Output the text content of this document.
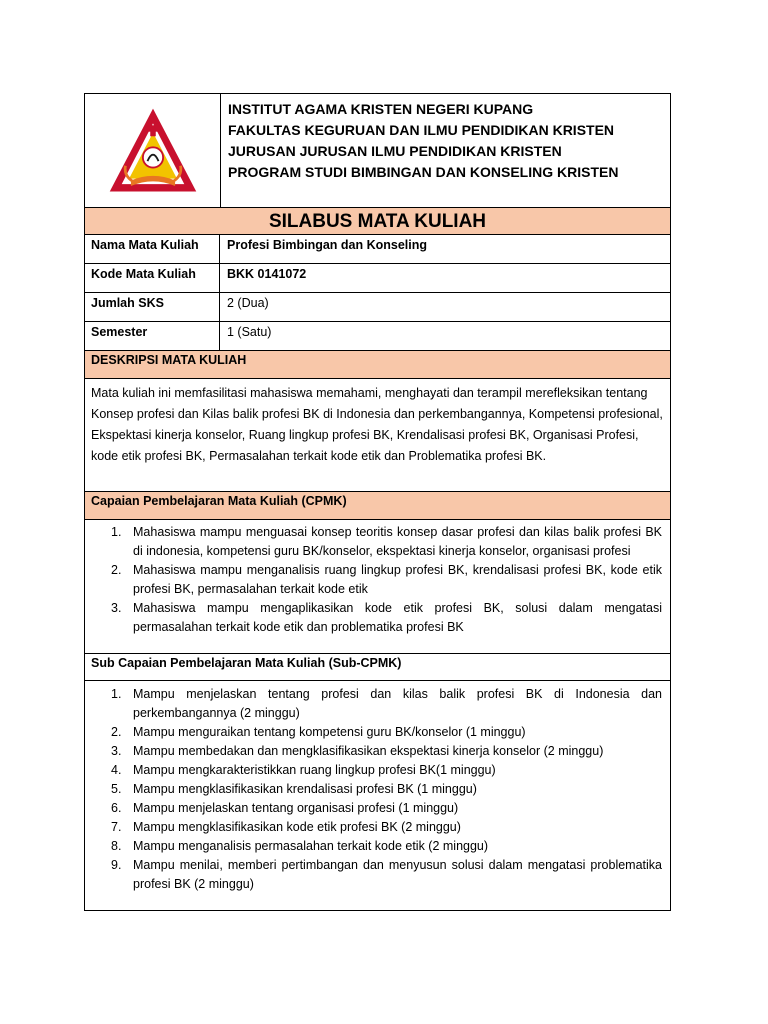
INSTITUT AGAMA KRISTEN NEGERI KUPANG
FAKULTAS KEGURUAN DAN ILMU PENDIDIKAN KRISTEN
JURUSAN JURUSAN ILMU PENDIDIKAN KRISTEN
PROGRAM STUDI BIMBINGAN DAN KONSELING KRISTEN
SILABUS MATA KULIAH
Nama Mata Kuliah	Profesi Bimbingan dan Konseling
Kode Mata Kuliah	BKK 0141072
Jumlah SKS	2 (Dua)
Semester	1 (Satu)
DESKRIPSI MATA KULIAH
Mata kuliah ini memfasilitasi mahasiswa memahami, menghayati dan terampil merefleksikan tentang Konsep profesi dan Kilas balik profesi BK di Indonesia dan perkembangannya, Kompetensi profesional, Ekspektasi kinerja konselor, Ruang lingkup profesi BK, Krendalisasi profesi BK, Organisasi Profesi, kode etik profesi BK, Permasalahan terkait kode etik dan Problematika profesi BK.
Capaian Pembelajaran Mata Kuliah (CPMK)
1. Mahasiswa mampu menguasai konsep teoritis konsep dasar profesi dan kilas balik profesi BK di indonesia, kompetensi guru BK/konselor, ekspektasi kinerja konselor, organisasi profesi
2. Mahasiswa mampu menganalisis ruang lingkup profesi BK, krendalisasi profesi BK, kode etik profesi BK, permasalahan terkait kode etik
3. Mahasiswa mampu mengaplikasikan kode etik profesi BK, solusi dalam mengatasi permasalahan terkait kode etik dan problematika profesi BK
Sub Capaian Pembelajaran Mata Kuliah (Sub-CPMK)
1. Mampu menjelaskan tentang profesi dan kilas balik profesi BK di Indonesia dan perkembangannya (2 minggu)
2. Mampu menguraikan tentang kompetensi guru BK/konselor (1 minggu)
3. Mampu membedakan dan mengklasifikasikan ekspektasi kinerja konselor (2 minggu)
4. Mampu mengkarakteristikkan ruang lingkup profesi BK(1 minggu)
5. Mampu mengklasifikasikan krendalisasi profesi BK (1 minggu)
6. Mampu menjelaskan tentang organisasi profesi (1 minggu)
7. Mampu mengklasifikasikan kode etik profesi BK (2 minggu)
8. Mampu menganalisis permasalahan terkait kode etik (2 minggu)
9. Mampu menilai, memberi pertimbangan dan menyusun solusi dalam mengatasi problematika profesi BK (2 minggu)
